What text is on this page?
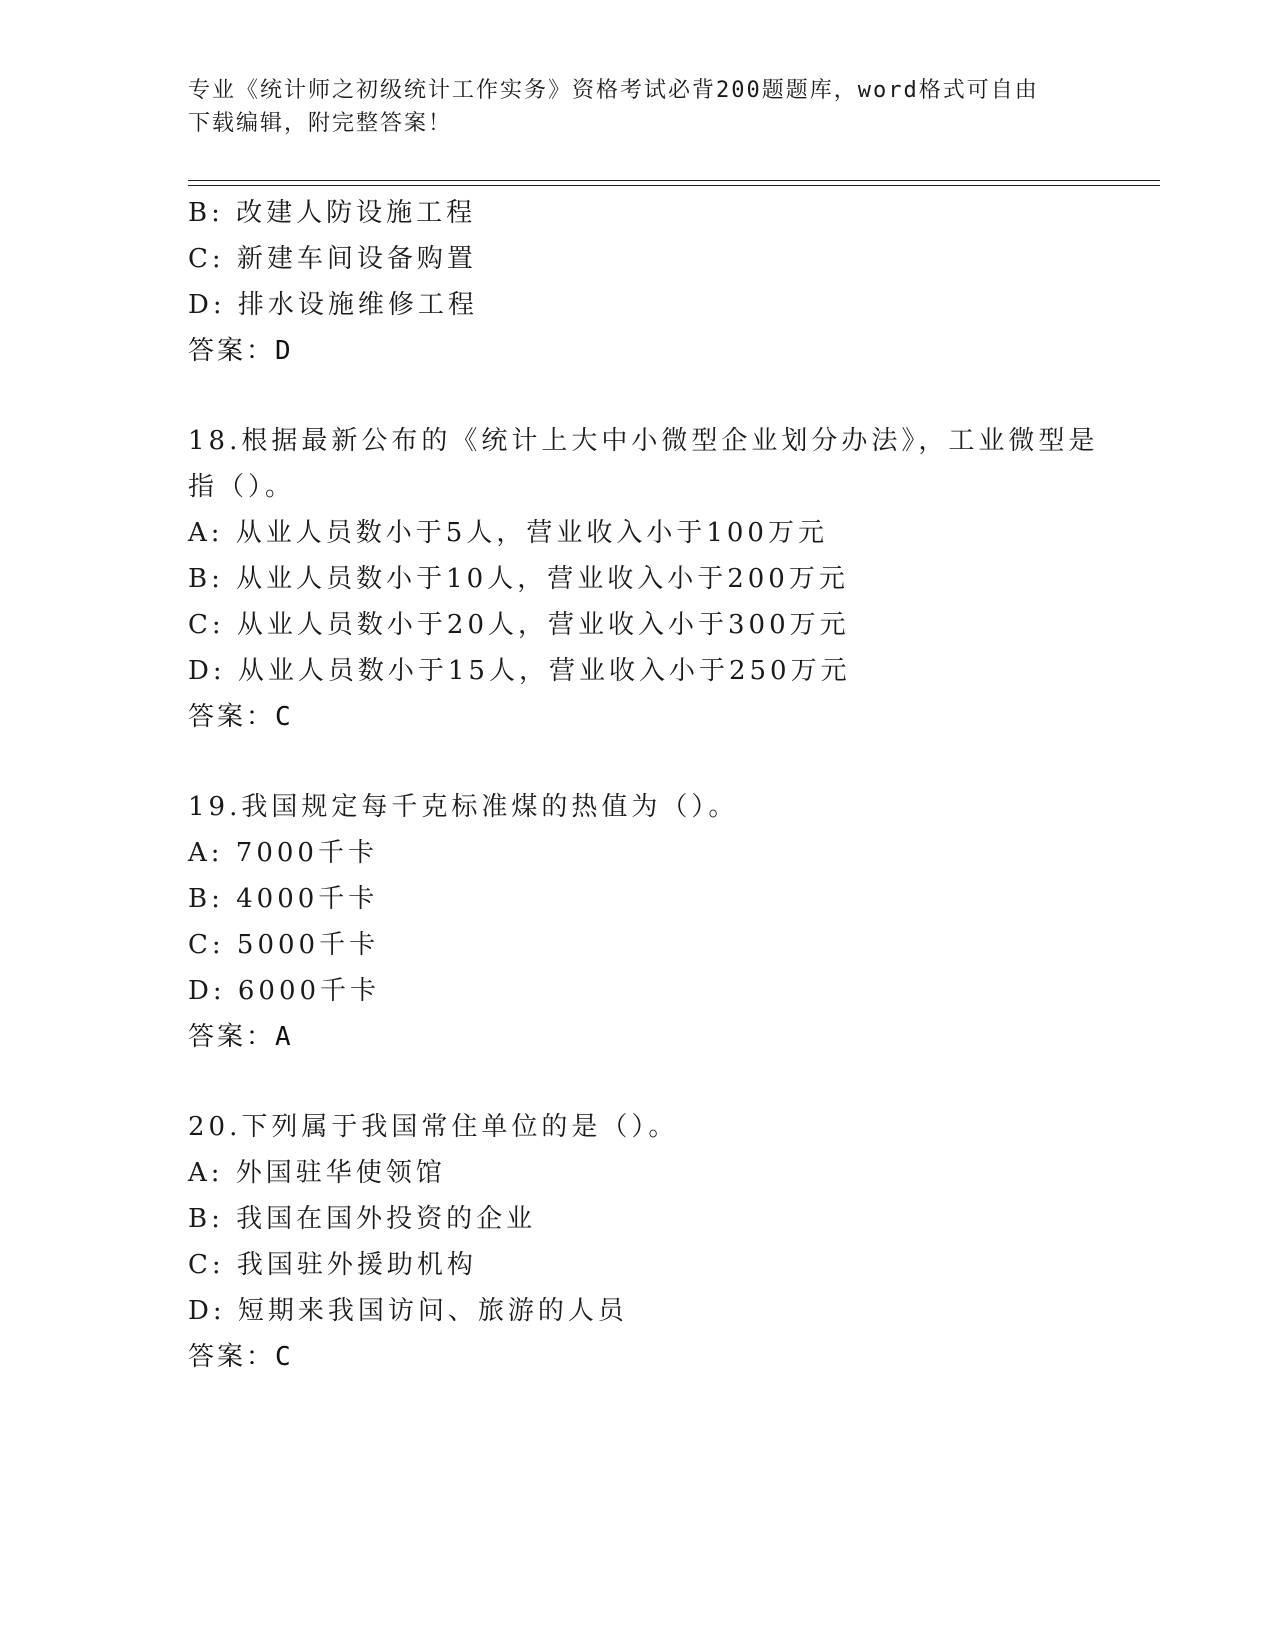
专业《统计师之初级统计工作实务》资格考试必背200题题库，word格式可自由
下载编辑，附完整答案！
B: 改建人防设施工程
C: 新建车间设备购置
D: 排水设施维修工程
答案：D
18.根据最新公布的《统计上大中小微型企业划分办法》，工业微型是
指（）。
A: 从业人员数小于5人，营业收入小于100万元
B: 从业人员数小于10人，营业收入小于200万元
C: 从业人员数小于20人，营业收入小于300万元
D: 从业人员数小于15人，营业收入小于250万元
答案：C
19.我国规定每千克标准煤的热值为（）。
A: 7000千卡
B: 4000千卡
C: 5000千卡
D: 6000千卡
答案：A
20.下列属于我国常住单位的是（）。
A: 外国驻华使领馆
B: 我国在国外投资的企业
C: 我国驻外援助机构
D: 短期来我国访问、旅游的人员
答案：C
